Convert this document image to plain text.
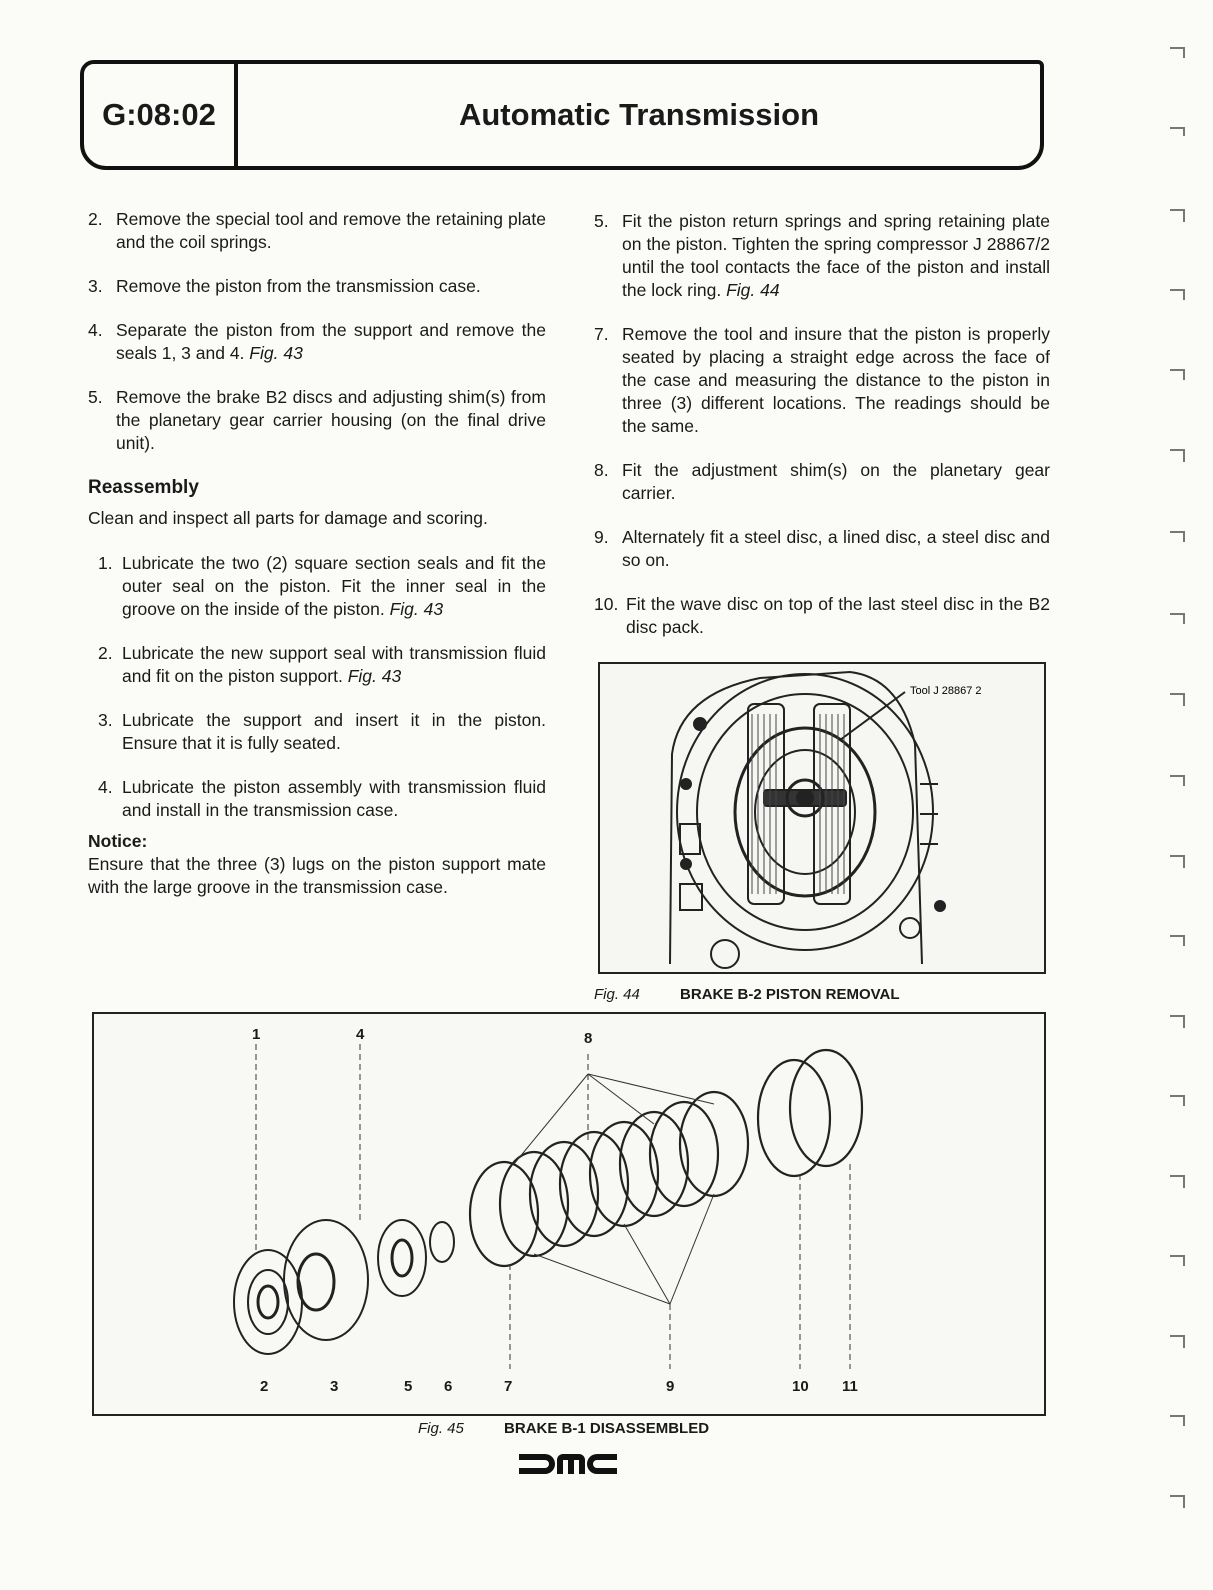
G:08:02	Automatic Transmission
2. Remove the special tool and remove the retaining plate and the coil springs.
3. Remove the piston from the transmission case.
4. Separate the piston from the support and remove the seals 1, 3 and 4. Fig. 43
5. Remove the brake B2 discs and adjusting shim(s) from the planetary gear carrier housing (on the final drive unit).
Reassembly
Clean and inspect all parts for damage and scoring.
1. Lubricate the two (2) square section seals and fit the outer seal on the piston. Fit the inner seal in the groove on the inside of the piston. Fig. 43
2. Lubricate the new support seal with transmission fluid and fit on the piston support. Fig. 43
3. Lubricate the support and insert it in the piston. Ensure that it is fully seated.
4. Lubricate the piston assembly with transmission fluid and install in the transmission case.
Notice:
Ensure that the three (3) lugs on the piston support mate with the large groove in the transmission case.
5. Fit the piston return springs and spring retaining plate on the piston. Tighten the spring compressor J 28867/2 until the tool contacts the face of the piston and install the lock ring. Fig. 44
7. Remove the tool and insure that the piston is properly seated by placing a straight edge across the face of the case and measuring the distance to the piston in three (3) different locations. The readings should be the same.
8. Fit the adjustment shim(s) on the planetary gear carrier.
9. Alternately fit a steel disc, a lined disc, a steel disc and so on.
10. Fit the wave disc on top of the last steel disc in the B2 disc pack.
Tool J 28867 2
Fig. 44	BRAKE B-2 PISTON REMOVAL
1	4	8
2	3	5 6	7	9	10 11
Fig. 45	BRAKE B-1 DISASSEMBLED
